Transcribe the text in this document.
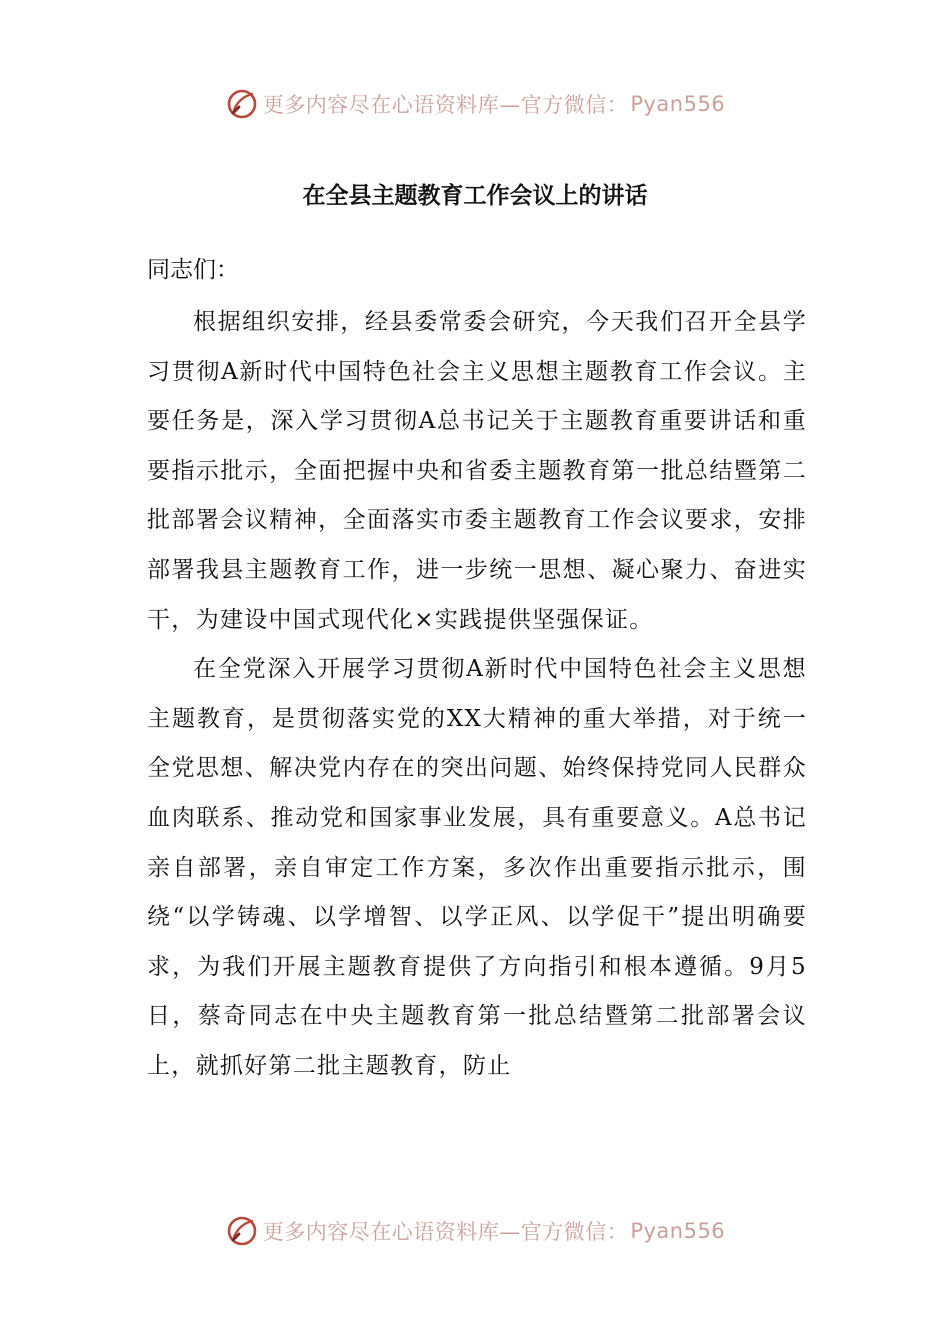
更多内容尽在心语资料库—官方微信： Pyan556
在全县主题教育工作会议上的讲话
同志们：

根据组织安排，经县委常委会研究，今天我们召开全县学习贯彻A新时代中国特色社会主义思想主题教育工作会议。主要任务是，深入学习贯彻A总书记关于主题教育重要讲话和重要指示批示，全面把握中央和省委主题教育第一批总结暨第二批部署会议精神，全面落实市委主题教育工作会议要求，安排部署我县主题教育工作，进一步统一思想、凝心聚力、奋进实干，为建设中国式现代化×实践提供坚强保证。

在全党深入开展学习贯彻A新时代中国特色社会主义思想主题教育，是贯彻落实党的XX大精神的重大举措，对于统一全党思想、解决党内存在的突出问题、始终保持党同人民群众血肉联系、推动党和国家事业发展，具有重要意义。A总书记亲自部署，亲自审定工作方案，多次作出重要指示批示，围绕“以学铸魂、以学增智、以学正风、以学促干”提出明确要求，为我们开展主题教育提供了方向指引和根本遵循。9月5日，蔡奇同志在中央主题教育第一批总结暨第二批部署会议上，就抓好第二批主题教育，防止

更多内容尽在心语资料库—官方微信： Pyan556
